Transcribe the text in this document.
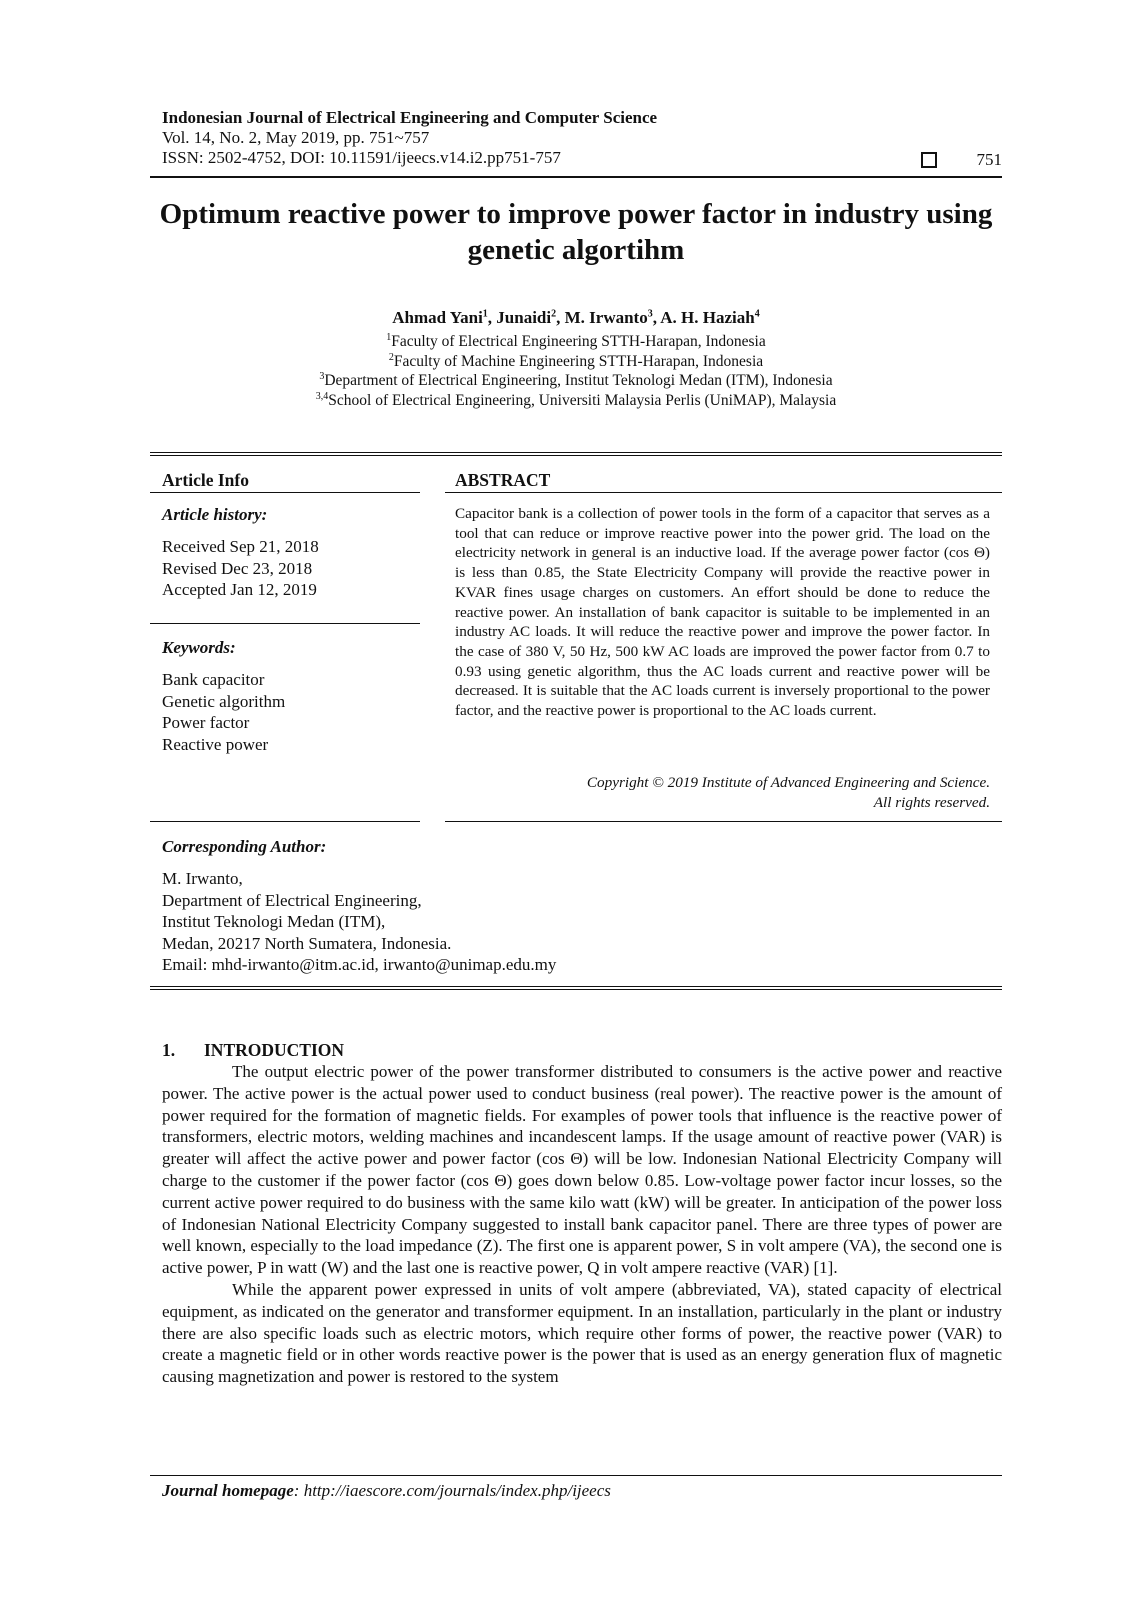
Indonesian Journal of Electrical Engineering and Computer Science
Vol. 14, No. 2, May 2019, pp. 751~757
ISSN: 2502-4752, DOI: 10.11591/ijeecs.v14.i2.pp751-757	751
Optimum reactive power to improve power factor in industry using genetic algortihm
Ahmad Yani$^1$, Junaidi$^2$, M. Irwanto$^3$, A. H. Haziah$^4$
$^1$Faculty of Electrical Engineering STTH-Harapan, Indonesia
$^2$Faculty of Machine Engineering STTH-Harapan, Indonesia
$^3$Department of Electrical Engineering, Institut Teknologi Medan (ITM), Indonesia
$^{3,4}$School of Electrical Engineering, Universiti Malaysia Perlis (UniMAP), Malaysia
Article Info	ABSTRACT
Article history:
Received Sep 21, 2018
Revised Dec 23, 2018
Accepted Jan 12, 2019
Keywords:
Bank capacitor
Genetic algorithm
Power factor
Reactive power
Capacitor bank is a collection of power tools in the form of a capacitor that serves as a tool that can reduce or improve reactive power into the power grid. The load on the electricity network in general is an inductive load. If the average power factor (cos Θ) is less than 0.85, the State Electricity Company will provide the reactive power in KVAR fines usage charges on customers. An effort should be done to reduce the reactive power. An installation of bank capacitor is suitable to be implemented in an industry AC loads. It will reduce the reactive power and improve the power factor. In the case of 380 V, 50 Hz, 500 kW AC loads are improved the power factor from 0.7 to 0.93 using genetic algorithm, thus the AC loads current and reactive power will be decreased. It is suitable that the AC loads current is inversely proportional to the power factor, and the reactive power is proportional to the AC loads current.
Copyright © 2019 Institute of Advanced Engineering and Science.
All rights reserved.
Corresponding Author:
M. Irwanto,
Department of Electrical Engineering,
Institut Teknologi Medan (ITM),
Medan, 20217 North Sumatera, Indonesia.
Email: mhd-irwanto@itm.ac.id, irwanto@unimap.edu.my
1. INTRODUCTION

The output electric power of the power transformer distributed to consumers is the active power and reactive power. The active power is the actual power used to conduct business (real power). The reactive power is the amount of power required for the formation of magnetic fields. For examples of power tools that influence is the reactive power of transformers, electric motors, welding machines and incandescent lamps. If the usage amount of reactive power (VAR) is greater will affect the active power and power factor (cos Θ) will be low. Indonesian National Electricity Company will charge to the customer if the power factor (cos Θ) goes down below 0.85. Low-voltage power factor incur losses, so the current active power required to do business with the same kilo watt (kW) will be greater. In anticipation of the power loss of Indonesian National Electricity Company suggested to install bank capacitor panel. There are three types of power are well known, especially to the load impedance (Z). The first one is apparent power, S in volt ampere (VA), the second one is active power, P in watt (W) and the last one is reactive power, Q in volt ampere reactive (VAR) [1].

While the apparent power expressed in units of volt ampere (abbreviated, VA), stated capacity of electrical equipment, as indicated on the generator and transformer equipment. In an installation, particularly in the plant or industry there are also specific loads such as electric motors, which require other forms of power, the reactive power (VAR) to create a magnetic field or in other words reactive power is the power that is used as an energy generation flux of magnetic causing magnetization and power is restored to the system

Journal homepage: http://iaescore.com/journals/index.php/ijeecs
